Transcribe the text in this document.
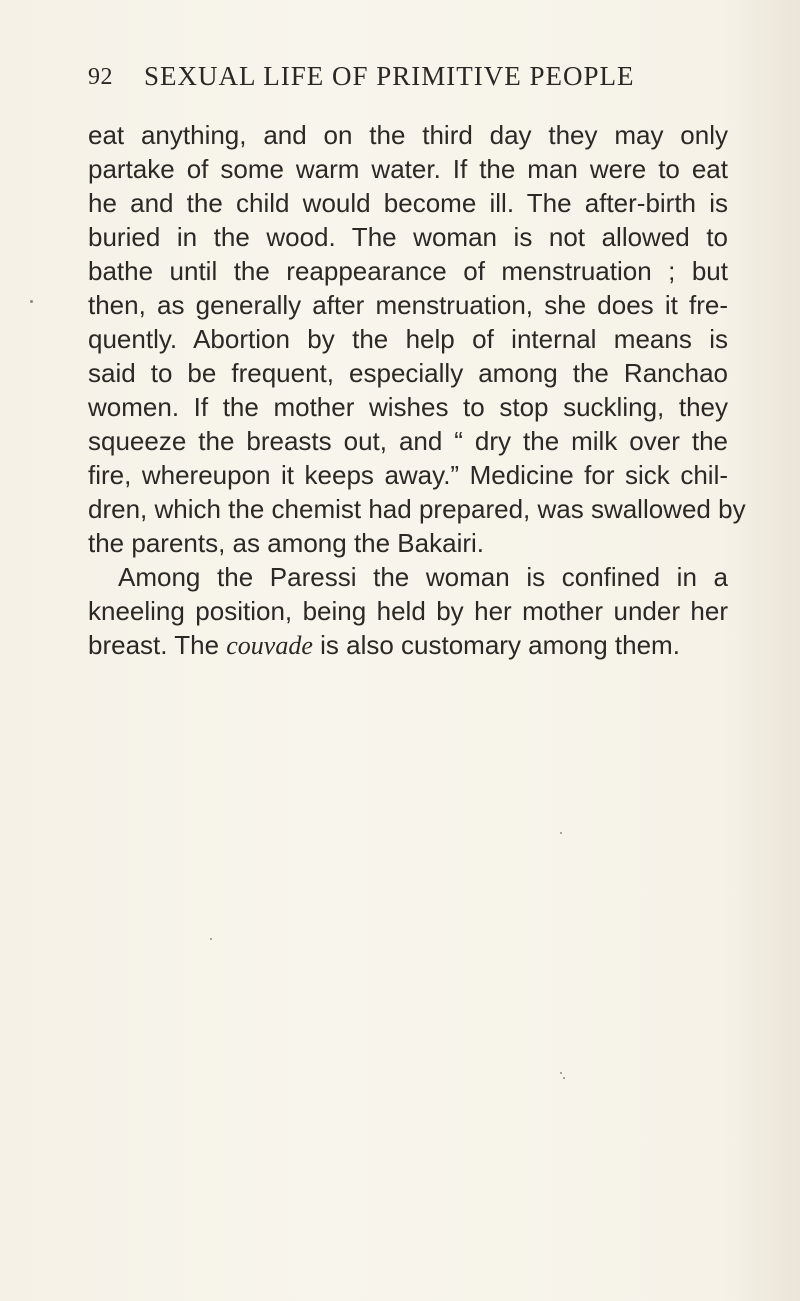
92 SEXUAL LIFE OF PRIMITIVE PEOPLE
eat anything, and on the third day they may only
partake of some warm water. If the man were to eat
he and the child would become ill. The after-birth is
buried in the wood. The woman is not allowed to
bathe until the reappearance of menstruation ; but
then, as generally after menstruation, she does it fre-
quently. Abortion by the help of internal means is
said to be frequent, especially among the Ranchao
women. If the mother wishes to stop suckling, they
squeeze the breasts out, and “ dry the milk over the
fire, whereupon it keeps away.” Medicine for sick chil-
dren, which the chemist had prepared, was swallowed by
the parents, as among the Bakairi.
Among the Paressi the woman is confined in a
kneeling position, being held by her mother under her
breast. The couvade is also customary among them.
